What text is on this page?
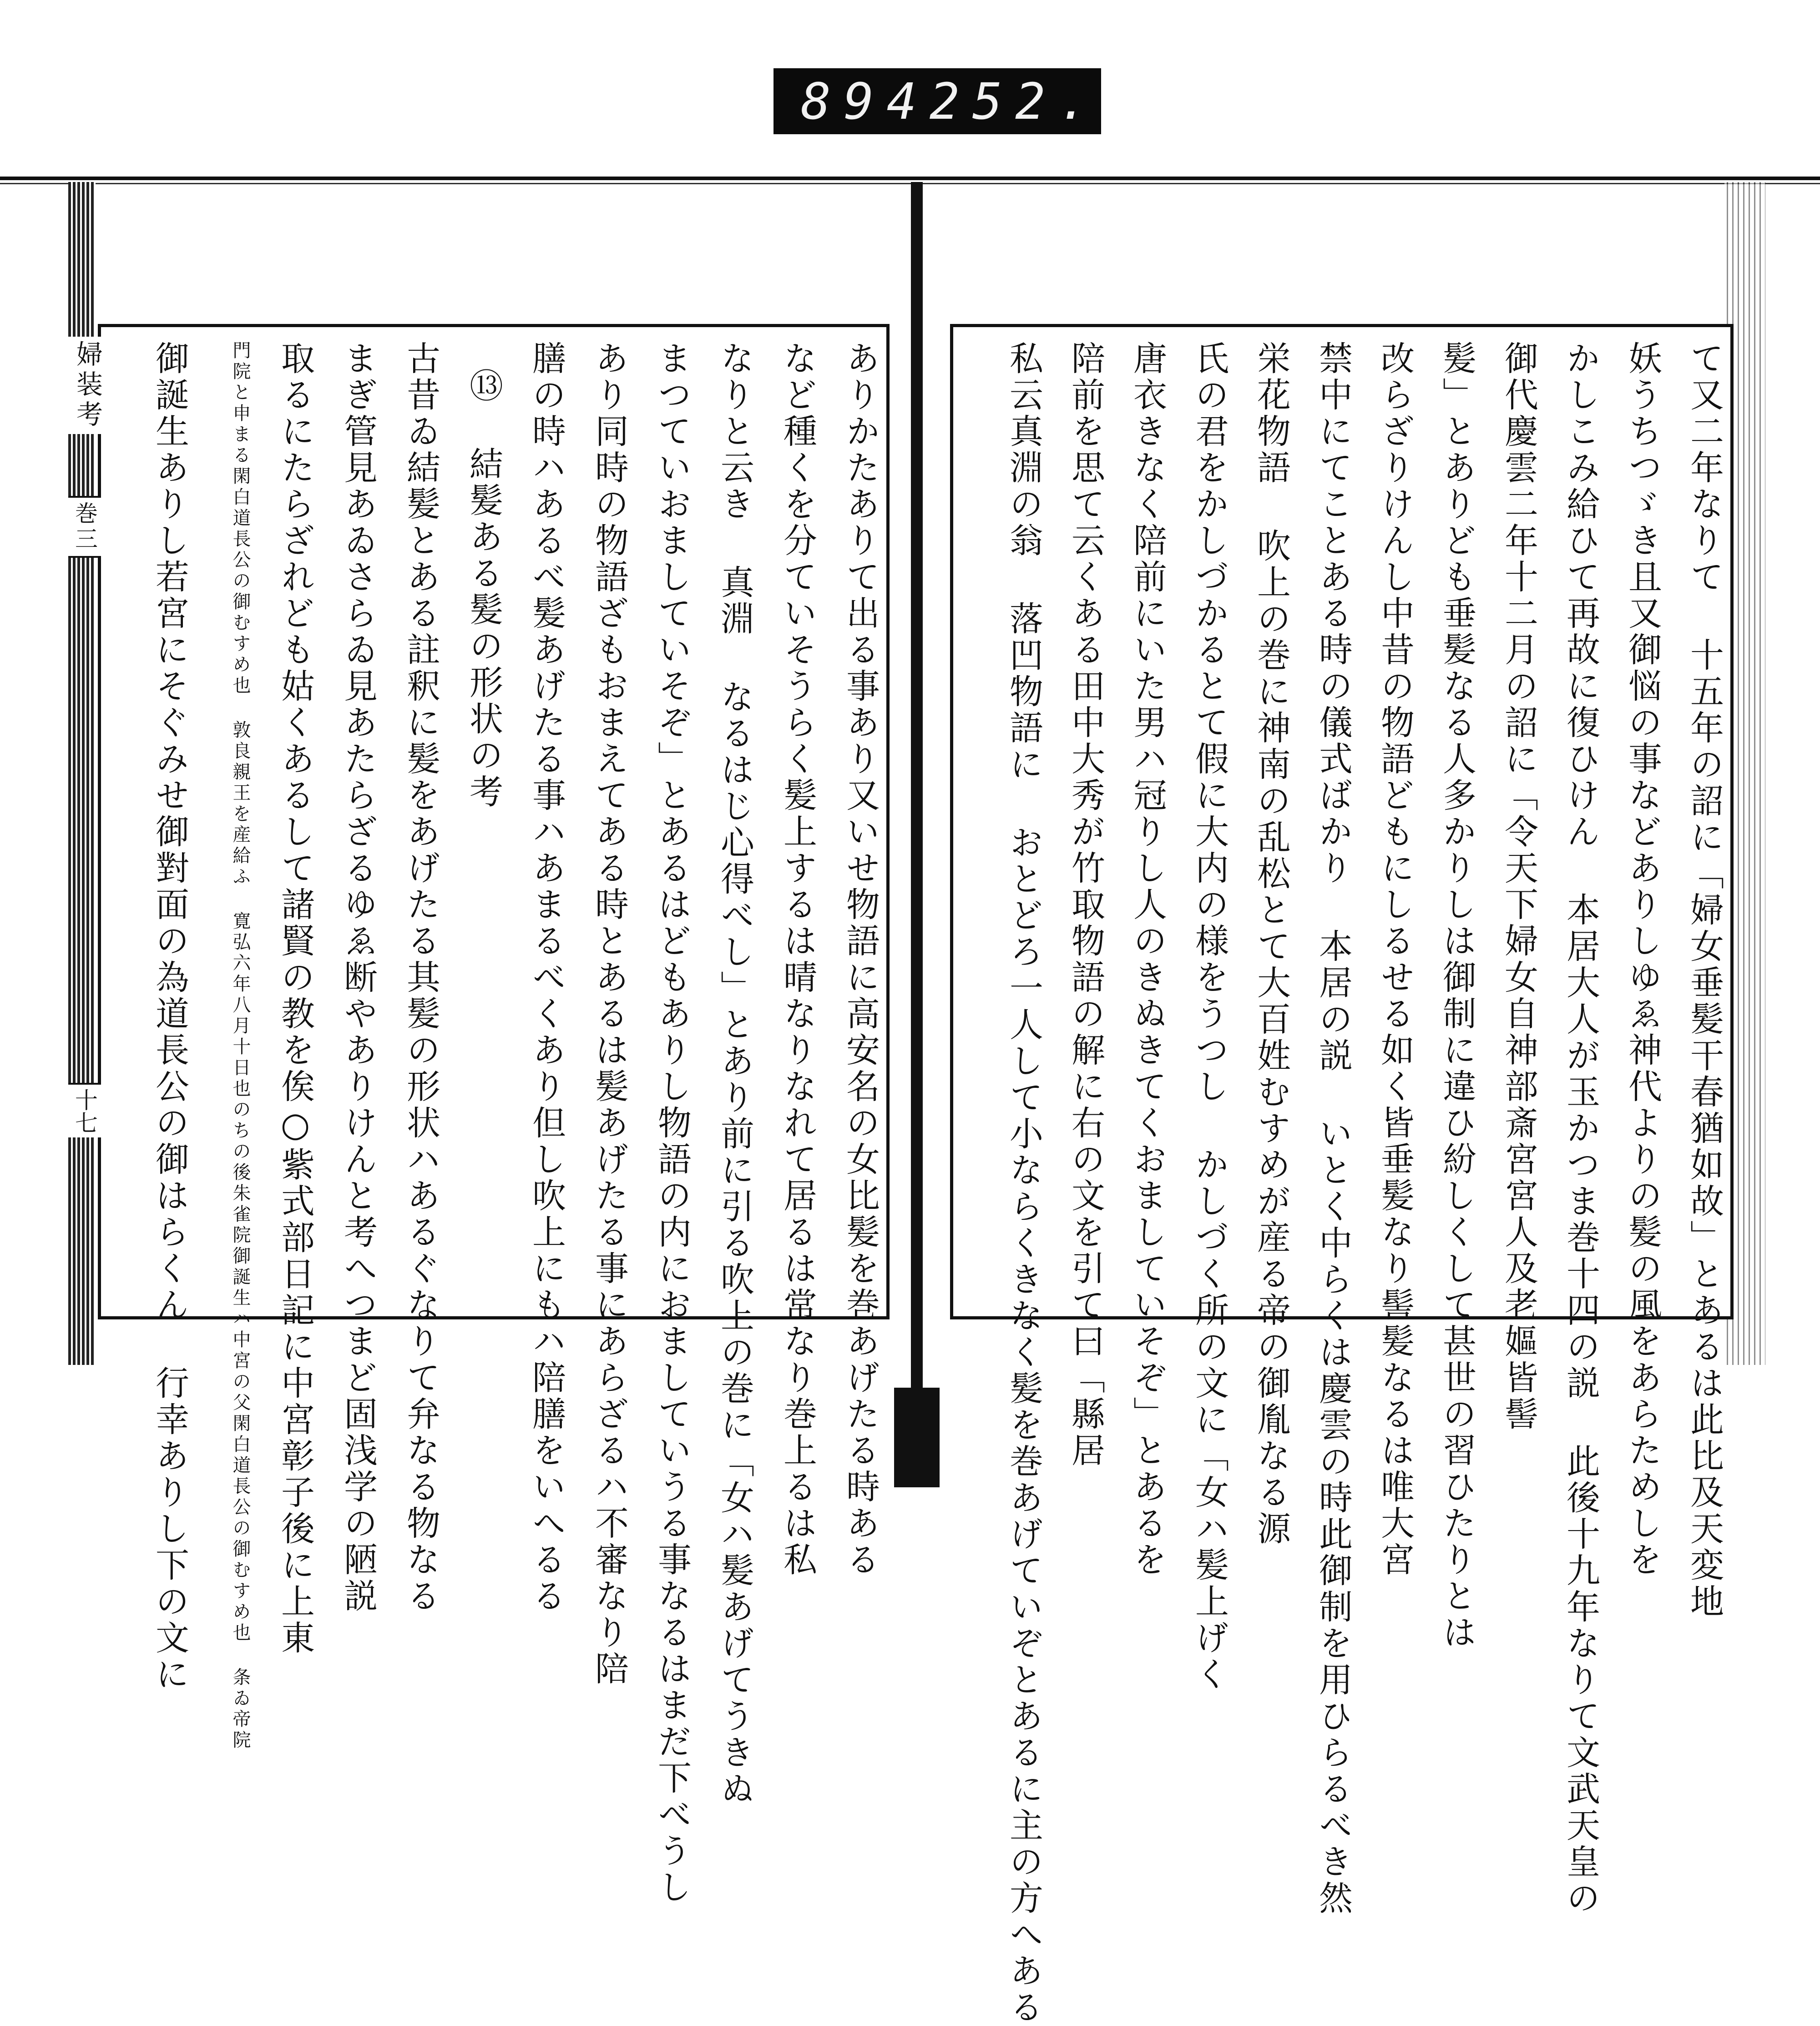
894 252.
て又二年なりて 十五年の詔に「婦女垂髪干春猶如故」とあるは此比及天変地
妖うちつゞき且又御悩の事などありしゆゑ神代よりの髪の風をあらためしを
かしこみ給ひて再故に復ひけん 本居大人が玉かつま巻十四の説 此後十九年なりて文武天皇の
御代慶雲二年十二月の詔に「令天下婦女自神部斎宮宮人及老嫗皆髻
髪」とありども垂髪なる人多かりしは御制に違ひ紛しくして甚世の習ひたりとは
改らざりけんし中昔の物語どもにしるせる如く皆垂髪なり髻髪なるは唯大宮
禁中にてことある時の儀式ばかり 本居の説 いとく中らくは慶雲の時此御制を用ひらるべき然
栄花物語 吹上の巻に神南の乱松とて大百姓むすめが産る帝の御胤なる源
氏の君をかしづかるとて假に大内の様をうつし かしづく所の文に「女ハ髪上げく
唐衣きなく陪前にいた男ハ冠りし人のきぬきてくおましていそぞ」とあるを
陪前を思て云くある田中大秀が竹取物語の解に右の文を引て曰「縣居
私云真淵の翁 落凹物語に おとどろ一人して小ならくきなく髪を巻あげていぞとあるに主の方へある
ありかたありて出る事あり又いせ物語に高安名の女比髪を巻あげたる時ある
など種くを分ていそうらく髪上するは晴なりなれて居るは常なり巻上るは私
なりと云き 真淵 なるはじ心得べし」とあり前に引る吹上の巻に「女ハ髪あげてうきぬ
まつていおましていそぞ」とあるはどもありし物語の内におましていうる事なるはまだ下べうし
あり同時の物語ざもおまえてある時とあるは髪あげたる事にあらざるハ不審なり陪
膳の時ハあるべ髪あげたる事ハあまるべくあり但し吹上にもハ陪膳をいへるる
⑬ 結髪ある髪の形状の考
古昔ゐ結髪とある註釈に髪をあげたる其髪の形状ハあるぐなりて弁なる物なる
まぎ管見あゐさらゐ見あたらざるゆゑ断やありけんと考へつまど固浅学の陋説
取るにたらざれども姑くあるして諸賢の教を俟○紫式部日記に中宮彰子後に上東
門院と申まる閑白道長公の御むすめ也 敦良親王を産給ふ 寛弘六年八月十日也のちの後朱雀院御誕生ハ中宮の父閑白道長公の御むすめ也 条ゐ帝院
御誕生ありし若宮にそぐみせ御對面の為道長公の御はらくん 行幸ありし下の文に
婦装考
巻三
十七
